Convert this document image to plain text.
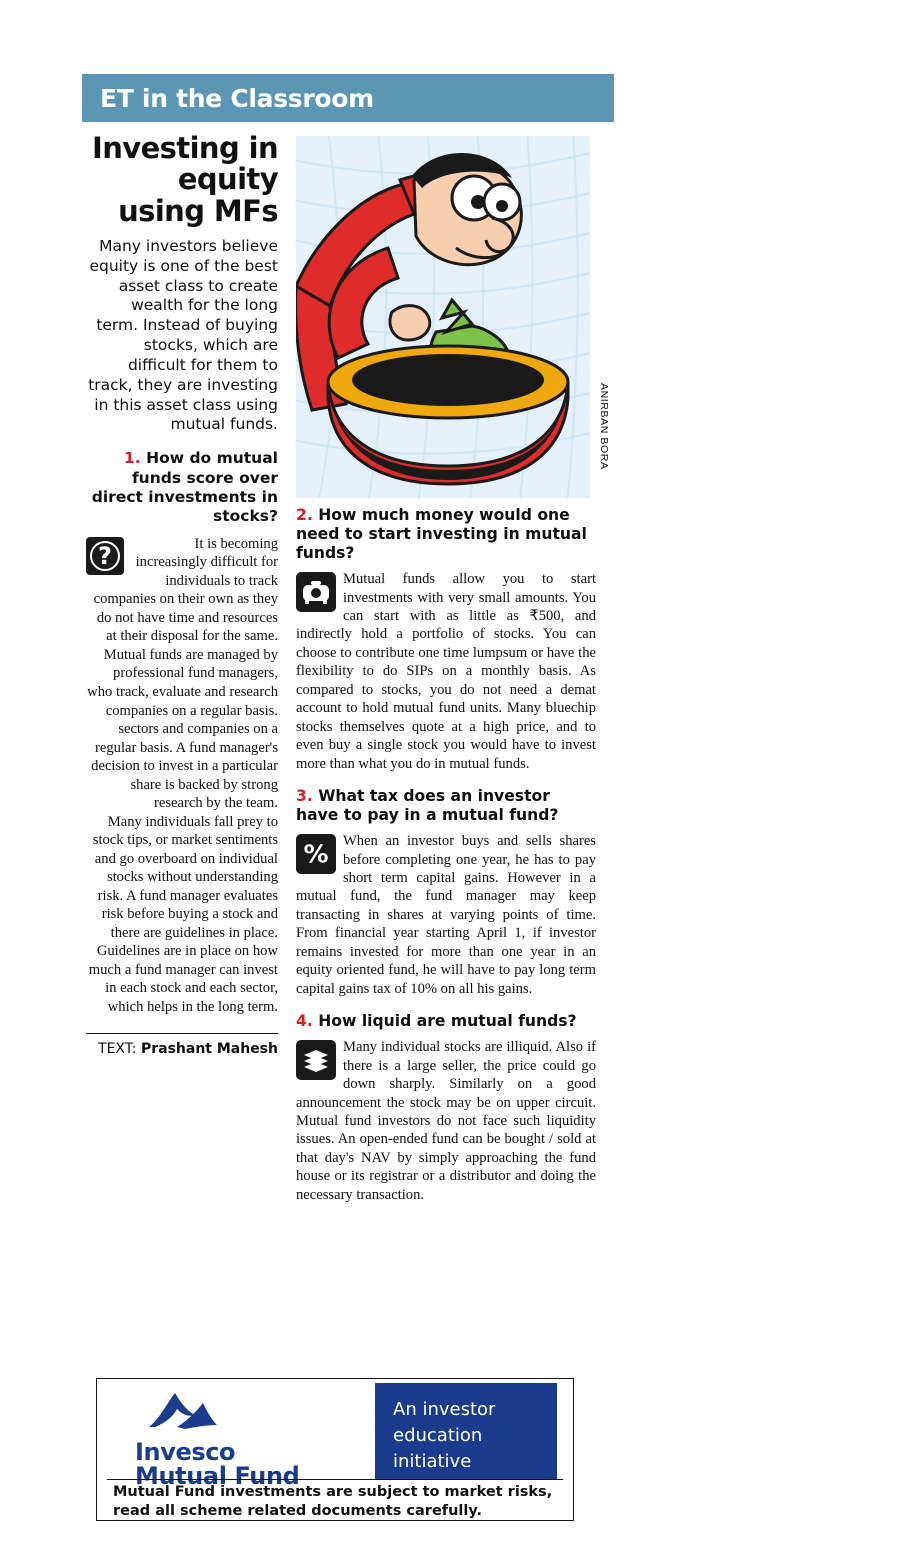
ET in the Classroom
Investing in equity using MFs
Many investors believe equity is one of the best asset class to create wealth for the long term. Instead of buying stocks, which are difficult for them to track, they are investing in this asset class using mutual funds.
1. How do mutual funds score over direct investments in stocks?
?

It is becoming increasingly difficult for individuals to track companies on their own as they do not have time and resources at their disposal for the same. Mutual funds are managed by professional fund managers, who track, evaluate and research companies on a regular basis. sectors and companies on a regular basis. A fund manager's decision to invest in a particular share is backed by strong research by the team.

Many individuals fall prey to stock tips, or market sentiments and go overboard on individual stocks without understanding risk. A fund manager evaluates risk before buying a stock and there are guidelines in place. Guidelines are in place on how much a fund manager can invest in each stock and each sector, which helps in the long term.

TEXT: Prashant Mahesh
ANIRBAN BORA
2. How much money would one need to start investing in mutual funds?

Mutual funds allow you to start investments with very small amounts. You can start with as little as ₹500, and indirectly hold a portfolio of stocks. You can choose to contribute one time lumpsum or have the flexibility to do SIPs on a monthly basis. As compared to stocks, you do not need a demat account to hold mutual fund units. Many bluechip stocks themselves quote at a high price, and to even buy a single stock you would have to invest more than what you do in mutual funds.

3. What tax does an investor have to pay in a mutual fund?
% When an investor buys and sells shares before completing one year, he has to pay short term capital gains. However in a mutual fund, the fund manager may keep transacting in shares at varying points of time. From financial year starting April 1, if investor remains invested for more than one year in an equity oriented fund, he will have to pay long term capital gains tax of 10% on all his gains.

4. How liquid are mutual funds?

Many individual stocks are illiquid. Also if there is a large seller, the price could go down sharply. Similarly on a good announcement the stock may be on upper circuit. Mutual fund investors do not face such liquidity issues. An open-ended fund can be bought / sold at that day's NAV by simply approaching the fund house or its registrar or a distributor and doing the necessary transaction.

Invesco
Mutual Fund
An investor education initiative
Mutual Fund investments are subject to market risks, read all scheme related documents carefully.
